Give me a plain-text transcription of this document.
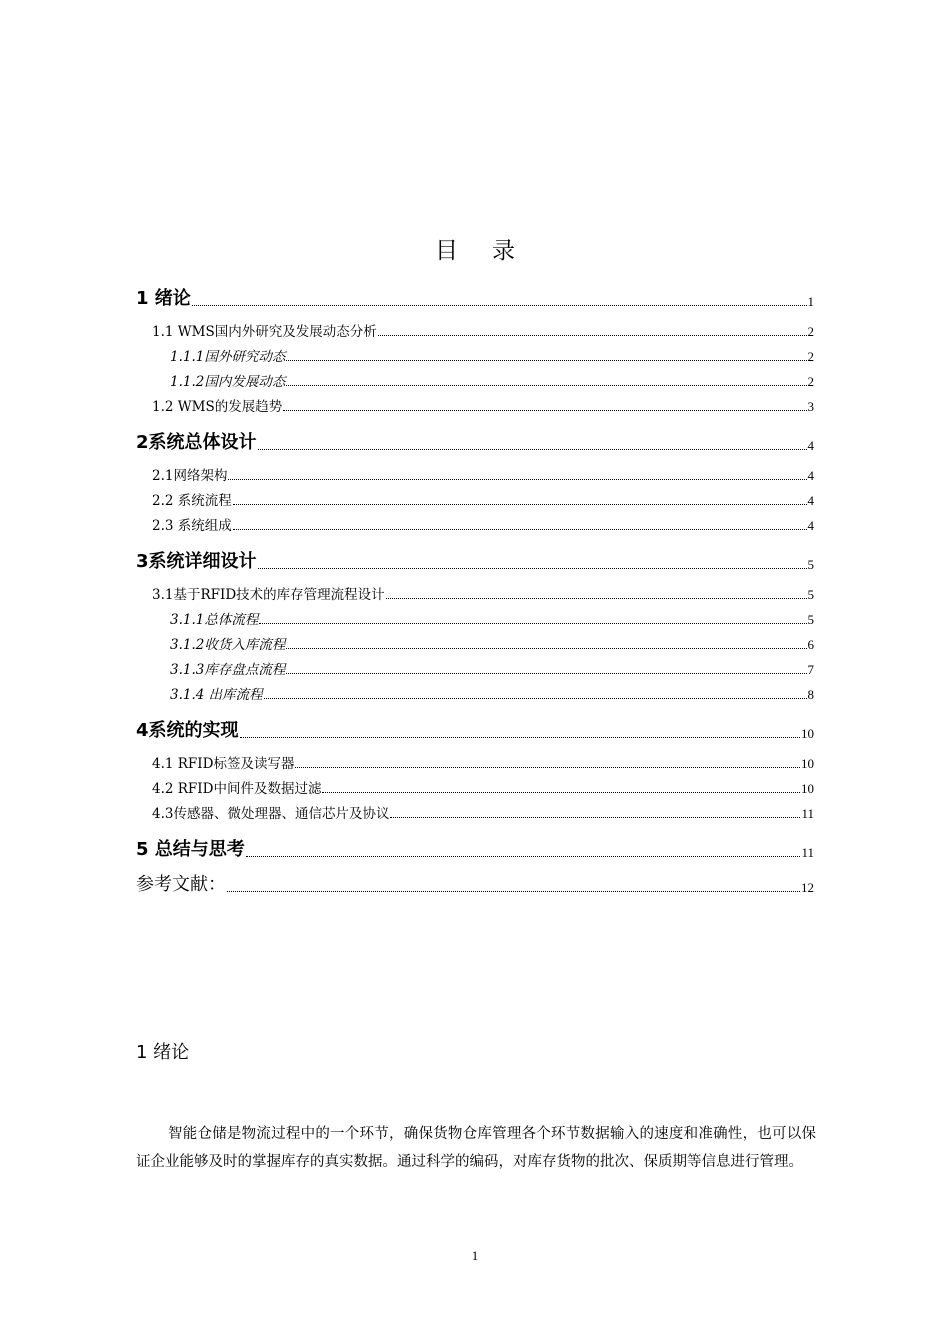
目录
1 绪论	1
1.1 WMS国内外研究及发展动态分析	2
1.1.1国外研究动态	2
1.1.2国内发展动态	2
1.2 WMS的发展趋势	3
2系统总体设计	4
2.1网络架构	4
2.2 系统流程	4
2.3 系统组成	4
3系统详细设计	5
3.1基于RFID技术的库存管理流程设计	5
3.1.1总体流程	5
3.1.2收货入库流程	6
3.1.3库存盘点流程	7
3.1.4 出库流程	8
4系统的实现	10
4.1 RFID标签及读写器	10
4.2 RFID中间件及数据过滤	10
4.3传感器、微处理器、通信芯片及协议	11
5 总结与思考	11
参考文献：	12
1 绪论
智能仓储是物流过程中的一个环节，确保货物仓库管理各个环节数据输入的速度和准确性，也可以保证企业能够及时的掌握库存的真实数据。通过科学的编码，对库存货物的批次、保质期等信息进行管理。
1
